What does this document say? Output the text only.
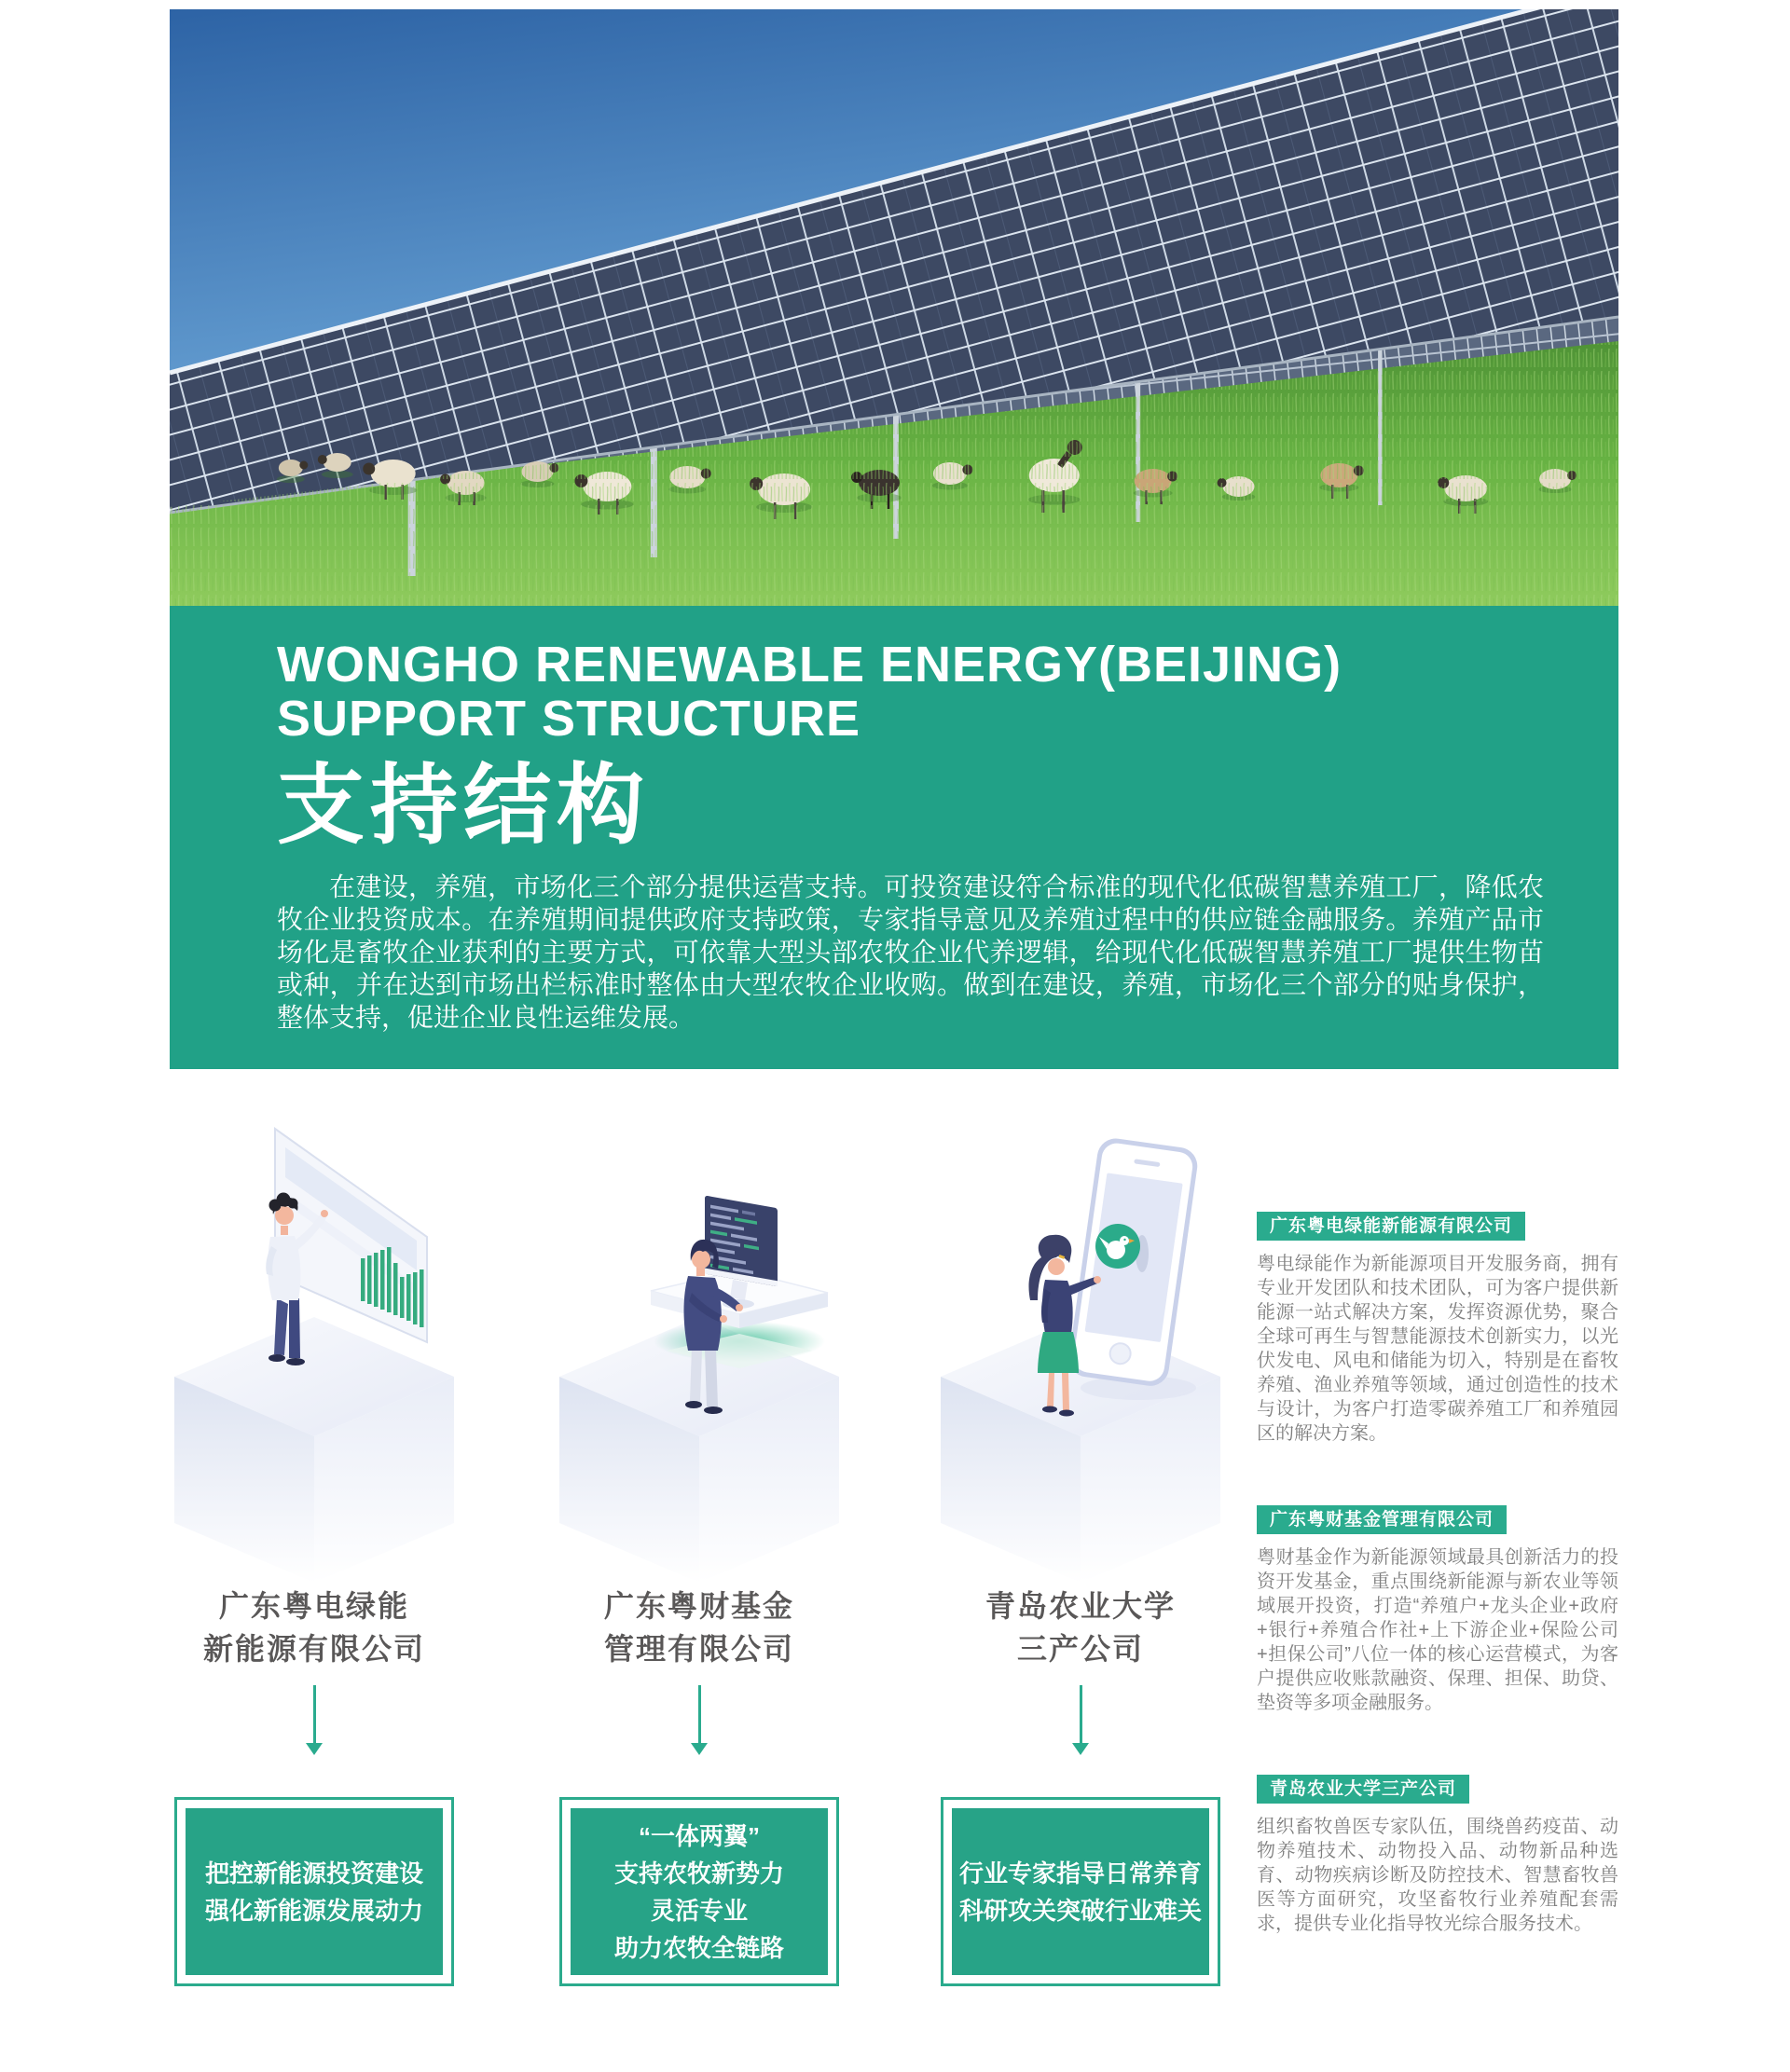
WONGHO RENEWABLE ENERGY(BEIJING)
SUPPORT STRUCTURE
支持结构

在建设，养殖，市场化三个部分提供运营支持。可投资建设符合标准的现代化低碳智慧养殖工厂，降低农牧企业投资成本。在养殖期间提供政府支持政策，专家指导意见及养殖过程中的供应链金融服务。养殖产品市场化是畜牧企业获利的主要方式，可依靠大型头部农牧企业代养逻辑，给现代化低碳智慧养殖工厂提供生物苗或种，并在达到市场出栏标准时整体由大型农牧企业收购。做到在建设，养殖，市场化三个部分的贴身保护，整体支持，促进企业良性运维发展。

广东粤电绿能
新能源有限公司
把控新能源投资建设
强化新能源发展动力
广东粤财基金
管理有限公司
“一体两翼”
支持农牧新势力
灵活专业
助力农牧全链路
青岛农业大学
三产公司
行业专家指导日常养育
科研攻关突破行业难关
广东粤电绿能新能源有限公司

粤电绿能作为新能源项目开发服务商，拥有专业开发团队和技术团队，可为客户提供新能源一站式解决方案，发挥资源优势，聚合全球可再生与智慧能源技术创新实力，以光伏发电、风电和储能为切入，特别是在畜牧养殖、渔业养殖等领域，通过创造性的技术与设计，为客户打造零碳养殖工厂和养殖园区的解决方案。

广东粤财基金管理有限公司

粤财基金作为新能源领域最具创新活力的投资开发基金，重点围绕新能源与新农业等领域展开投资，打造“养殖户+龙头企业+政府+银行+养殖合作社+上下游企业+保险公司+担保公司”八位一体的核心运营模式，为客户提供应收账款融资、保理、担保、助贷、垫资等多项金融服务。

青岛农业大学三产公司

组织畜牧兽医专家队伍，围绕兽药疫苗、动物养殖技术、动物投入品、动物新品种选育、动物疾病诊断及防控技术、智慧畜牧兽医等方面研究，攻坚畜牧行业养殖配套需求，提供专业化指导牧光综合服务技术。
